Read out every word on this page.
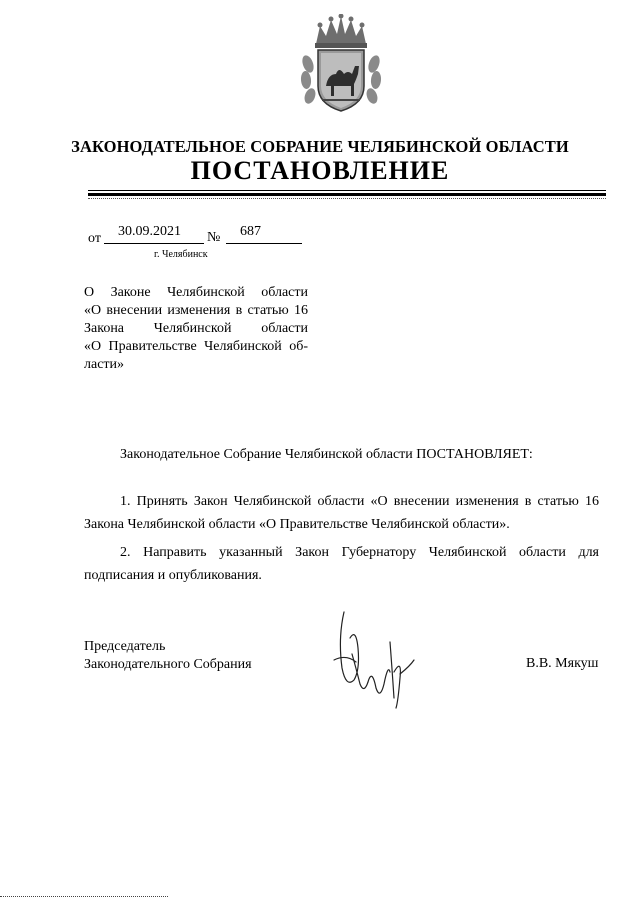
ЗАКОНОДАТЕЛЬНОЕ СОБРАНИЕ ЧЕЛЯБИНСКОЙ ОБЛАСТИ
ПОСТАНОВЛЕНИЕ
от 30.09.2021 № 687
г. Челябинск
О Законе Челябинской области
«О внесении изменения в статью 16
Закона Челябинской области
«О Правительстве Челябинской об-
ласти»
Законодательное Собрание Челябинской области ПОСТАНОВЛЯЕТ:
1. Принять Закон Челябинской области «О внесении изменения в статью 16 Закона Челябинской области «О Правительстве Челябинской области».
2. Направить указанный Закон Губернатору Челябинской области для подписания и опубликования.
Председатель
Законодательного Собрания	В.В. Мякуш
